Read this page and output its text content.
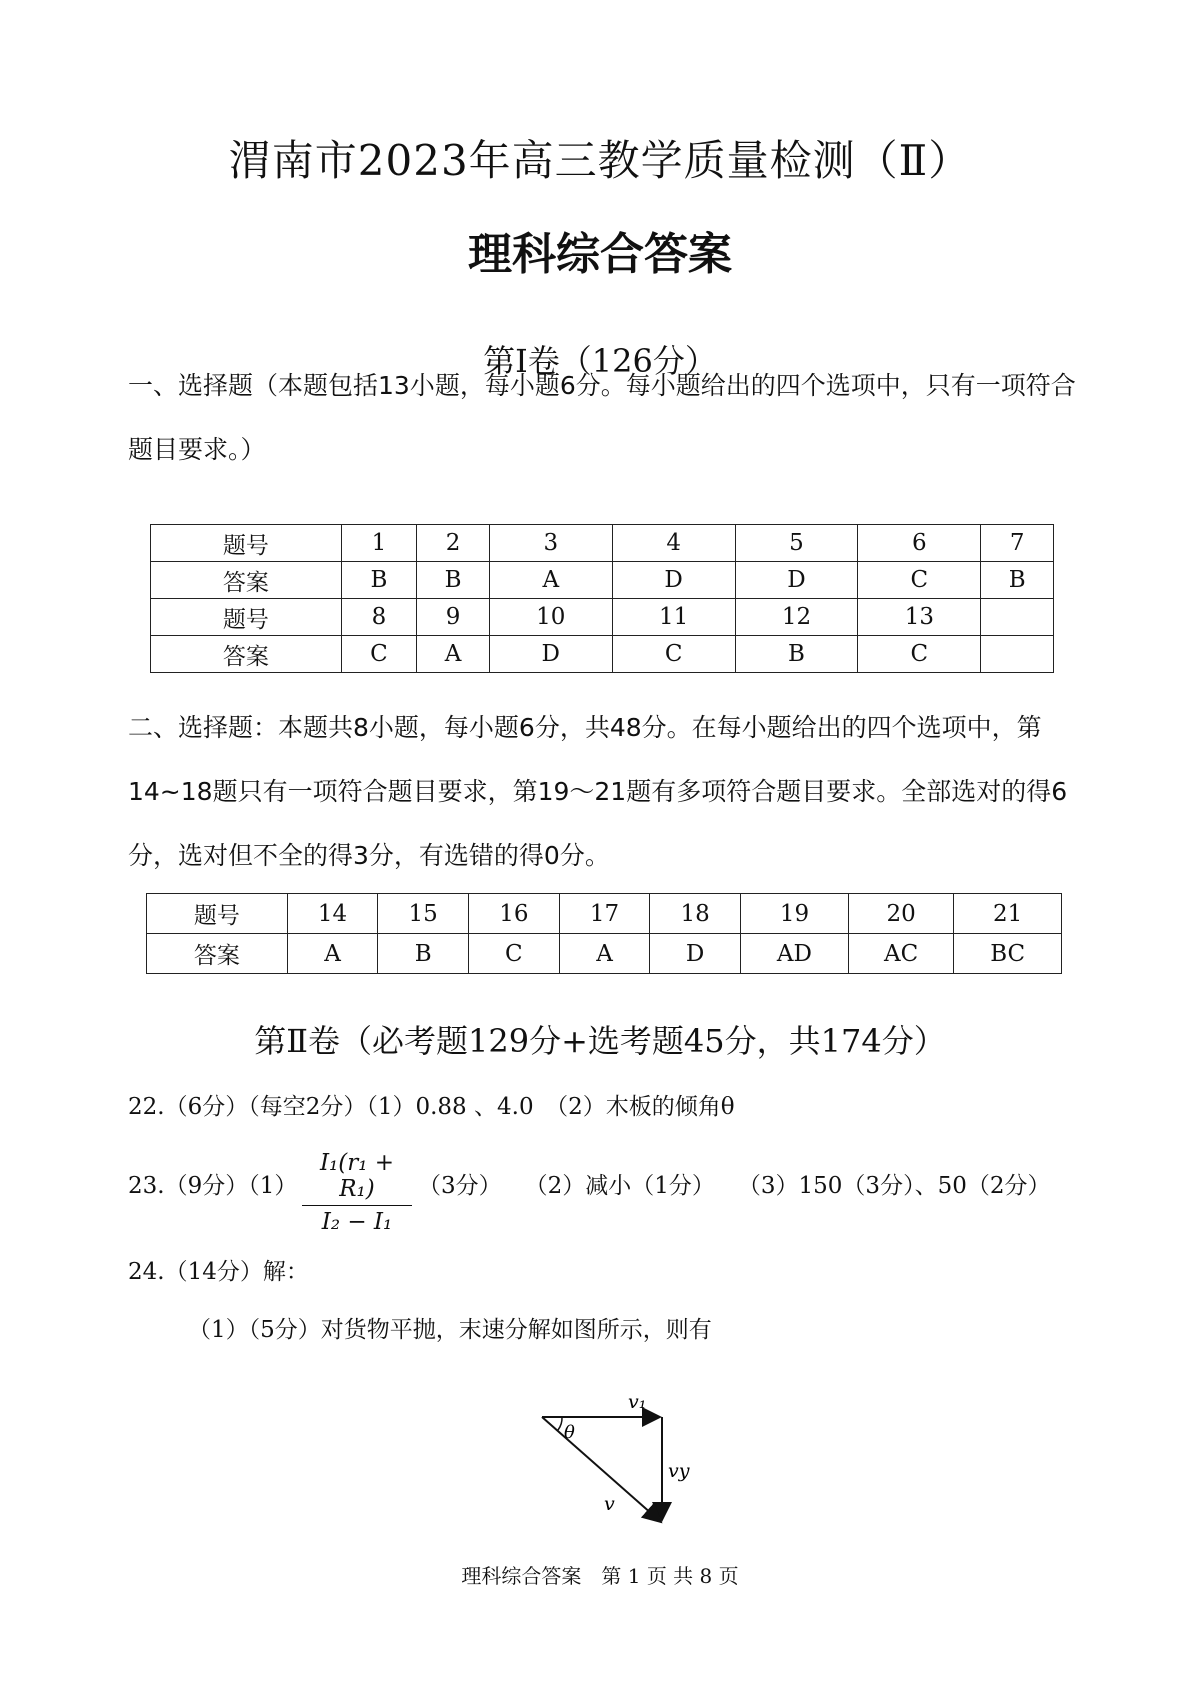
渭南市2023年高三教学质量检测（Ⅱ）
理科综合答案
第Ⅰ卷（126分）
一、选择题（本题包括13小题，每小题6分。每小题给出的四个选项中，只有一项符合题目要求。）
题号	1	2	3	4	5	6	7
答案	B	B	A	D	D	C	B
题号	8	9	10	11	12	13	
答案	C	A	D	C	B	C	
二、选择题：本题共8小题，每小题6分，共48分。在每小题给出的四个选项中，第14~18题只有一项符合题目要求，第19～21题有多项符合题目要求。全部选对的得6分，选对但不全的得3分，有选错的得0分。
题号	14	15	16	17	18	19	20	21
答案	A	B	C	A	D	AD	AC	BC
第Ⅱ卷（必考题129分+选考题45分，共174分）
22.（6分）（每空2分）（1）0.88 、4.0　（2）木板的倾角θ
23.（9分）$(1) \frac{\text{I₁(r₁ + R₁)}}{\text{I₂ − I₁}} (3$分）　　（2）减小（1分）　　（3）150（3分）、50（2分）
24.（14分）解：
（1）（5分）对货物平抛，末速分解如图所示，则有
v₁
θ
vy
v
理科综合答案　第 1 页 共 8 页
